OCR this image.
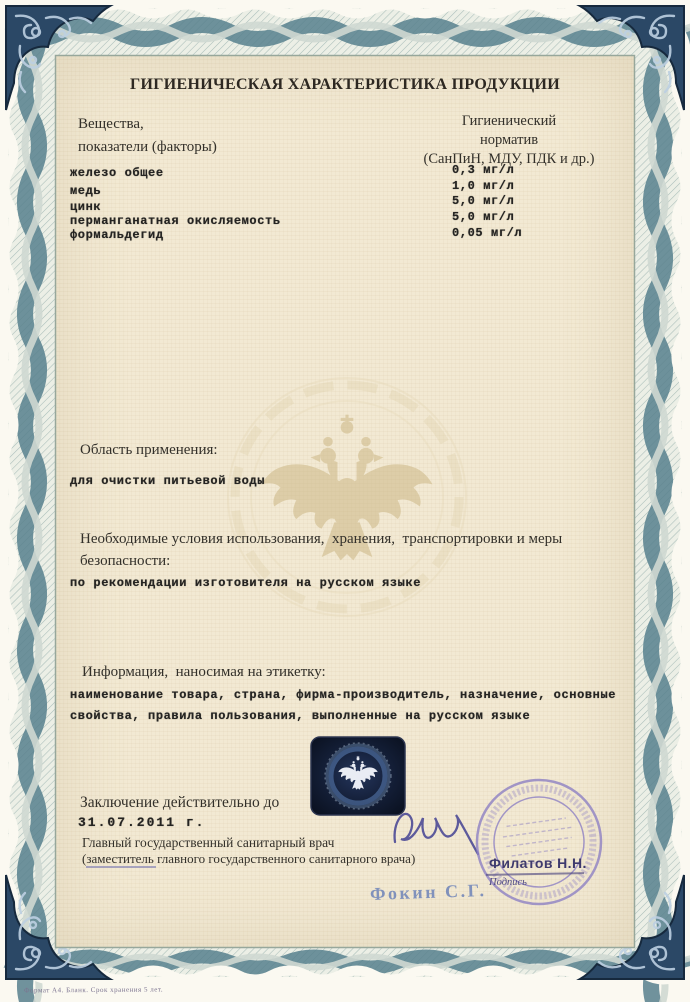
ГИГИЕНИЧЕСКАЯ ХАРАКТЕРИСТИКА ПРОДУКЦИИ
Вещества,
показатели (факторы)
Гигиенический
норматив
(СанПиН, МДУ, ПДК и др.)
железо общее
медь
цинк
перманганатная окисляемость
формальдегид
0,3 мг/л
1,0 мг/л
5,0 мг/л
5,0 мг/л
0,05 мг/л
Область применения:
для очистки питьевой воды
Необходимые условия использования,  хранения,  транспортировки и меры
безопасности:
по рекомендации изготовителя на русском языке
Информация,  наносимая на этикетку:
наименование товара, страна, фирма-производитель, назначение, основные
свойства, правила пользования, выполненные на русском языке
Заключение действительно до
31.07.2011 г.
Главный государственный санитарный врач
(заместитель главного государственного санитарного врача)	Филатов Н.Н.
Подпись
Фокин С.Г.
Формат А4. Бланк. Срок хранения 5 лет.
